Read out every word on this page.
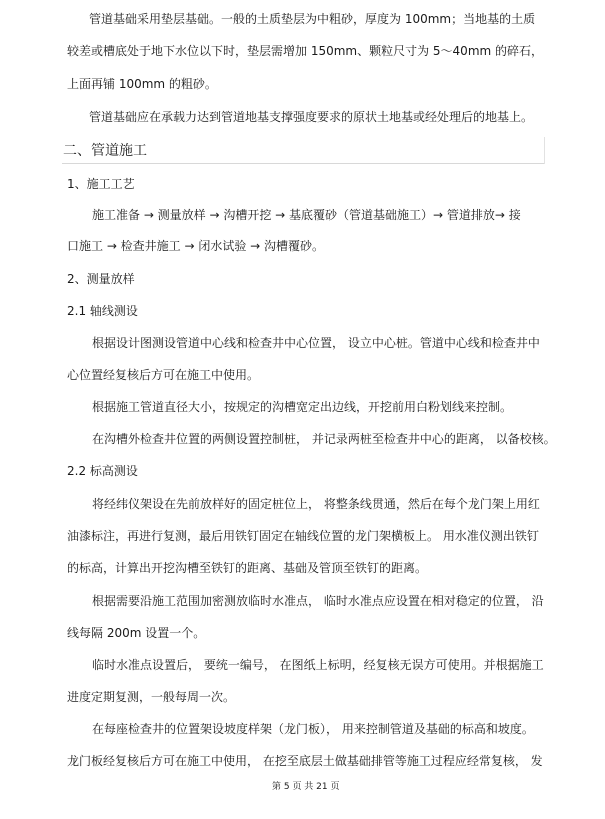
管道基础采用垫层基础。一般的土质垫层为中粗砂，厚度为 100mm；当地基的土质
较差或槽底处于地下水位以下时，垫层需增加 150mm、颗粒尺寸为 5～40mm 的碎石，
上面再铺 100mm 的粗砂。
管道基础应在承载力达到管道地基支撑强度要求的原状土地基或经处理后的地基上。
二、管道施工
1、施工工艺
施工准备 → 测量放样 → 沟槽开挖 → 基底覆砂（管道基础施工）→ 管道排放→ 接
口施工 → 检查井施工 → 闭水试验 → 沟槽覆砂。
2、测量放样
2.1 轴线测设
根据设计图测设管道中心线和检查井中心位置， 设立中心桩。管道中心线和检查井中
心位置经复核后方可在施工中使用。
根据施工管道直径大小，按规定的沟槽宽定出边线，开挖前用白粉划线来控制。
在沟槽外检查井位置的两侧设置控制桩， 并记录两桩至检查井中心的距离， 以备校核。
2.2 标高测设
将经纬仪架设在先前放样好的固定桩位上， 将整条线贯通，然后在每个龙门架上用红
油漆标注，再进行复测，最后用铁钉固定在轴线位置的龙门架横板上。 用水准仪测出铁钉
的标高，计算出开挖沟槽至铁钉的距离、基础及管顶至铁钉的距离。
根据需要沿施工范围加密测放临时水准点， 临时水准点应设置在相对稳定的位置， 沿
线每隔 200m 设置一个。
临时水准点设置后， 要统一编号， 在图纸上标明，经复核无误方可使用。并根据施工
进度定期复测，一般每周一次。
在每座检查井的位置架设坡度样架（龙门板）， 用来控制管道及基础的标高和坡度。
龙门板经复核后方可在施工中使用， 在挖至底层土做基础排管等施工过程应经常复核， 发
第 5 页 共 21 页
